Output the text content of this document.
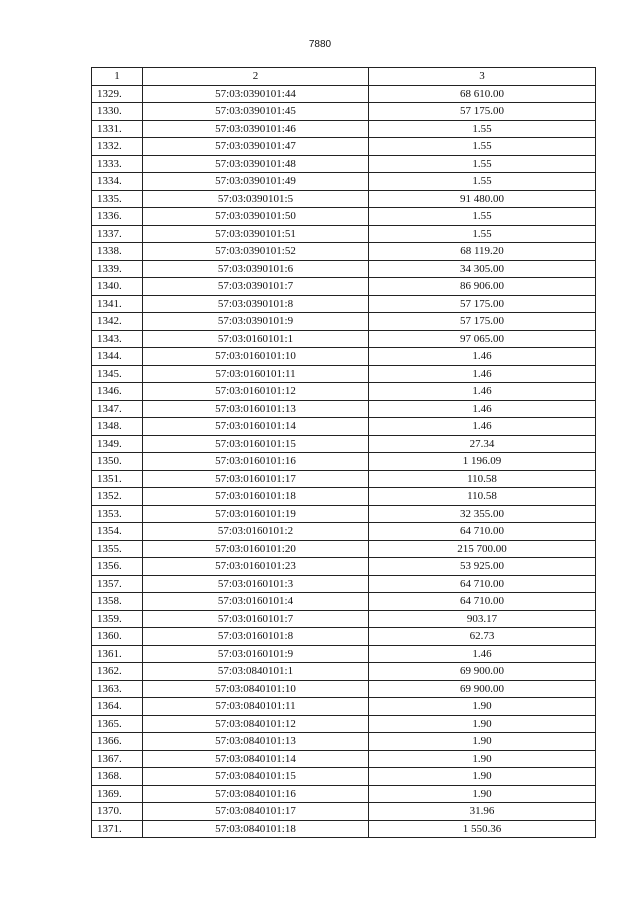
7880
1	2	3
1329.	57:03:0390101:44	68 610.00
1330.	57:03:0390101:45	57 175.00
1331.	57:03:0390101:46	1.55
1332.	57:03:0390101:47	1.55
1333.	57:03:0390101:48	1.55
1334.	57:03:0390101:49	1.55
1335.	57:03:0390101:5	91 480.00
1336.	57:03:0390101:50	1.55
1337.	57:03:0390101:51	1.55
1338.	57:03:0390101:52	68 119.20
1339.	57:03:0390101:6	34 305.00
1340.	57:03:0390101:7	86 906.00
1341.	57:03:0390101:8	57 175.00
1342.	57:03:0390101:9	57 175.00
1343.	57:03:0160101:1	97 065.00
1344.	57:03:0160101:10	1.46
1345.	57:03:0160101:11	1.46
1346.	57:03:0160101:12	1.46
1347.	57:03:0160101:13	1.46
1348.	57:03:0160101:14	1.46
1349.	57:03:0160101:15	27.34
1350.	57:03:0160101:16	1 196.09
1351.	57:03:0160101:17	110.58
1352.	57:03:0160101:18	110.58
1353.	57:03:0160101:19	32 355.00
1354.	57:03:0160101:2	64 710.00
1355.	57:03:0160101:20	215 700.00
1356.	57:03:0160101:23	53 925.00
1357.	57:03:0160101:3	64 710.00
1358.	57:03:0160101:4	64 710.00
1359.	57:03:0160101:7	903.17
1360.	57:03:0160101:8	62.73
1361.	57:03:0160101:9	1.46
1362.	57:03:0840101:1	69 900.00
1363.	57:03:0840101:10	69 900.00
1364.	57:03:0840101:11	1.90
1365.	57:03:0840101:12	1.90
1366.	57:03:0840101:13	1.90
1367.	57:03:0840101:14	1.90
1368.	57:03:0840101:15	1.90
1369.	57:03:0840101:16	1.90
1370.	57:03:0840101:17	31.96
1371.	57:03:0840101:18	1 550.36
